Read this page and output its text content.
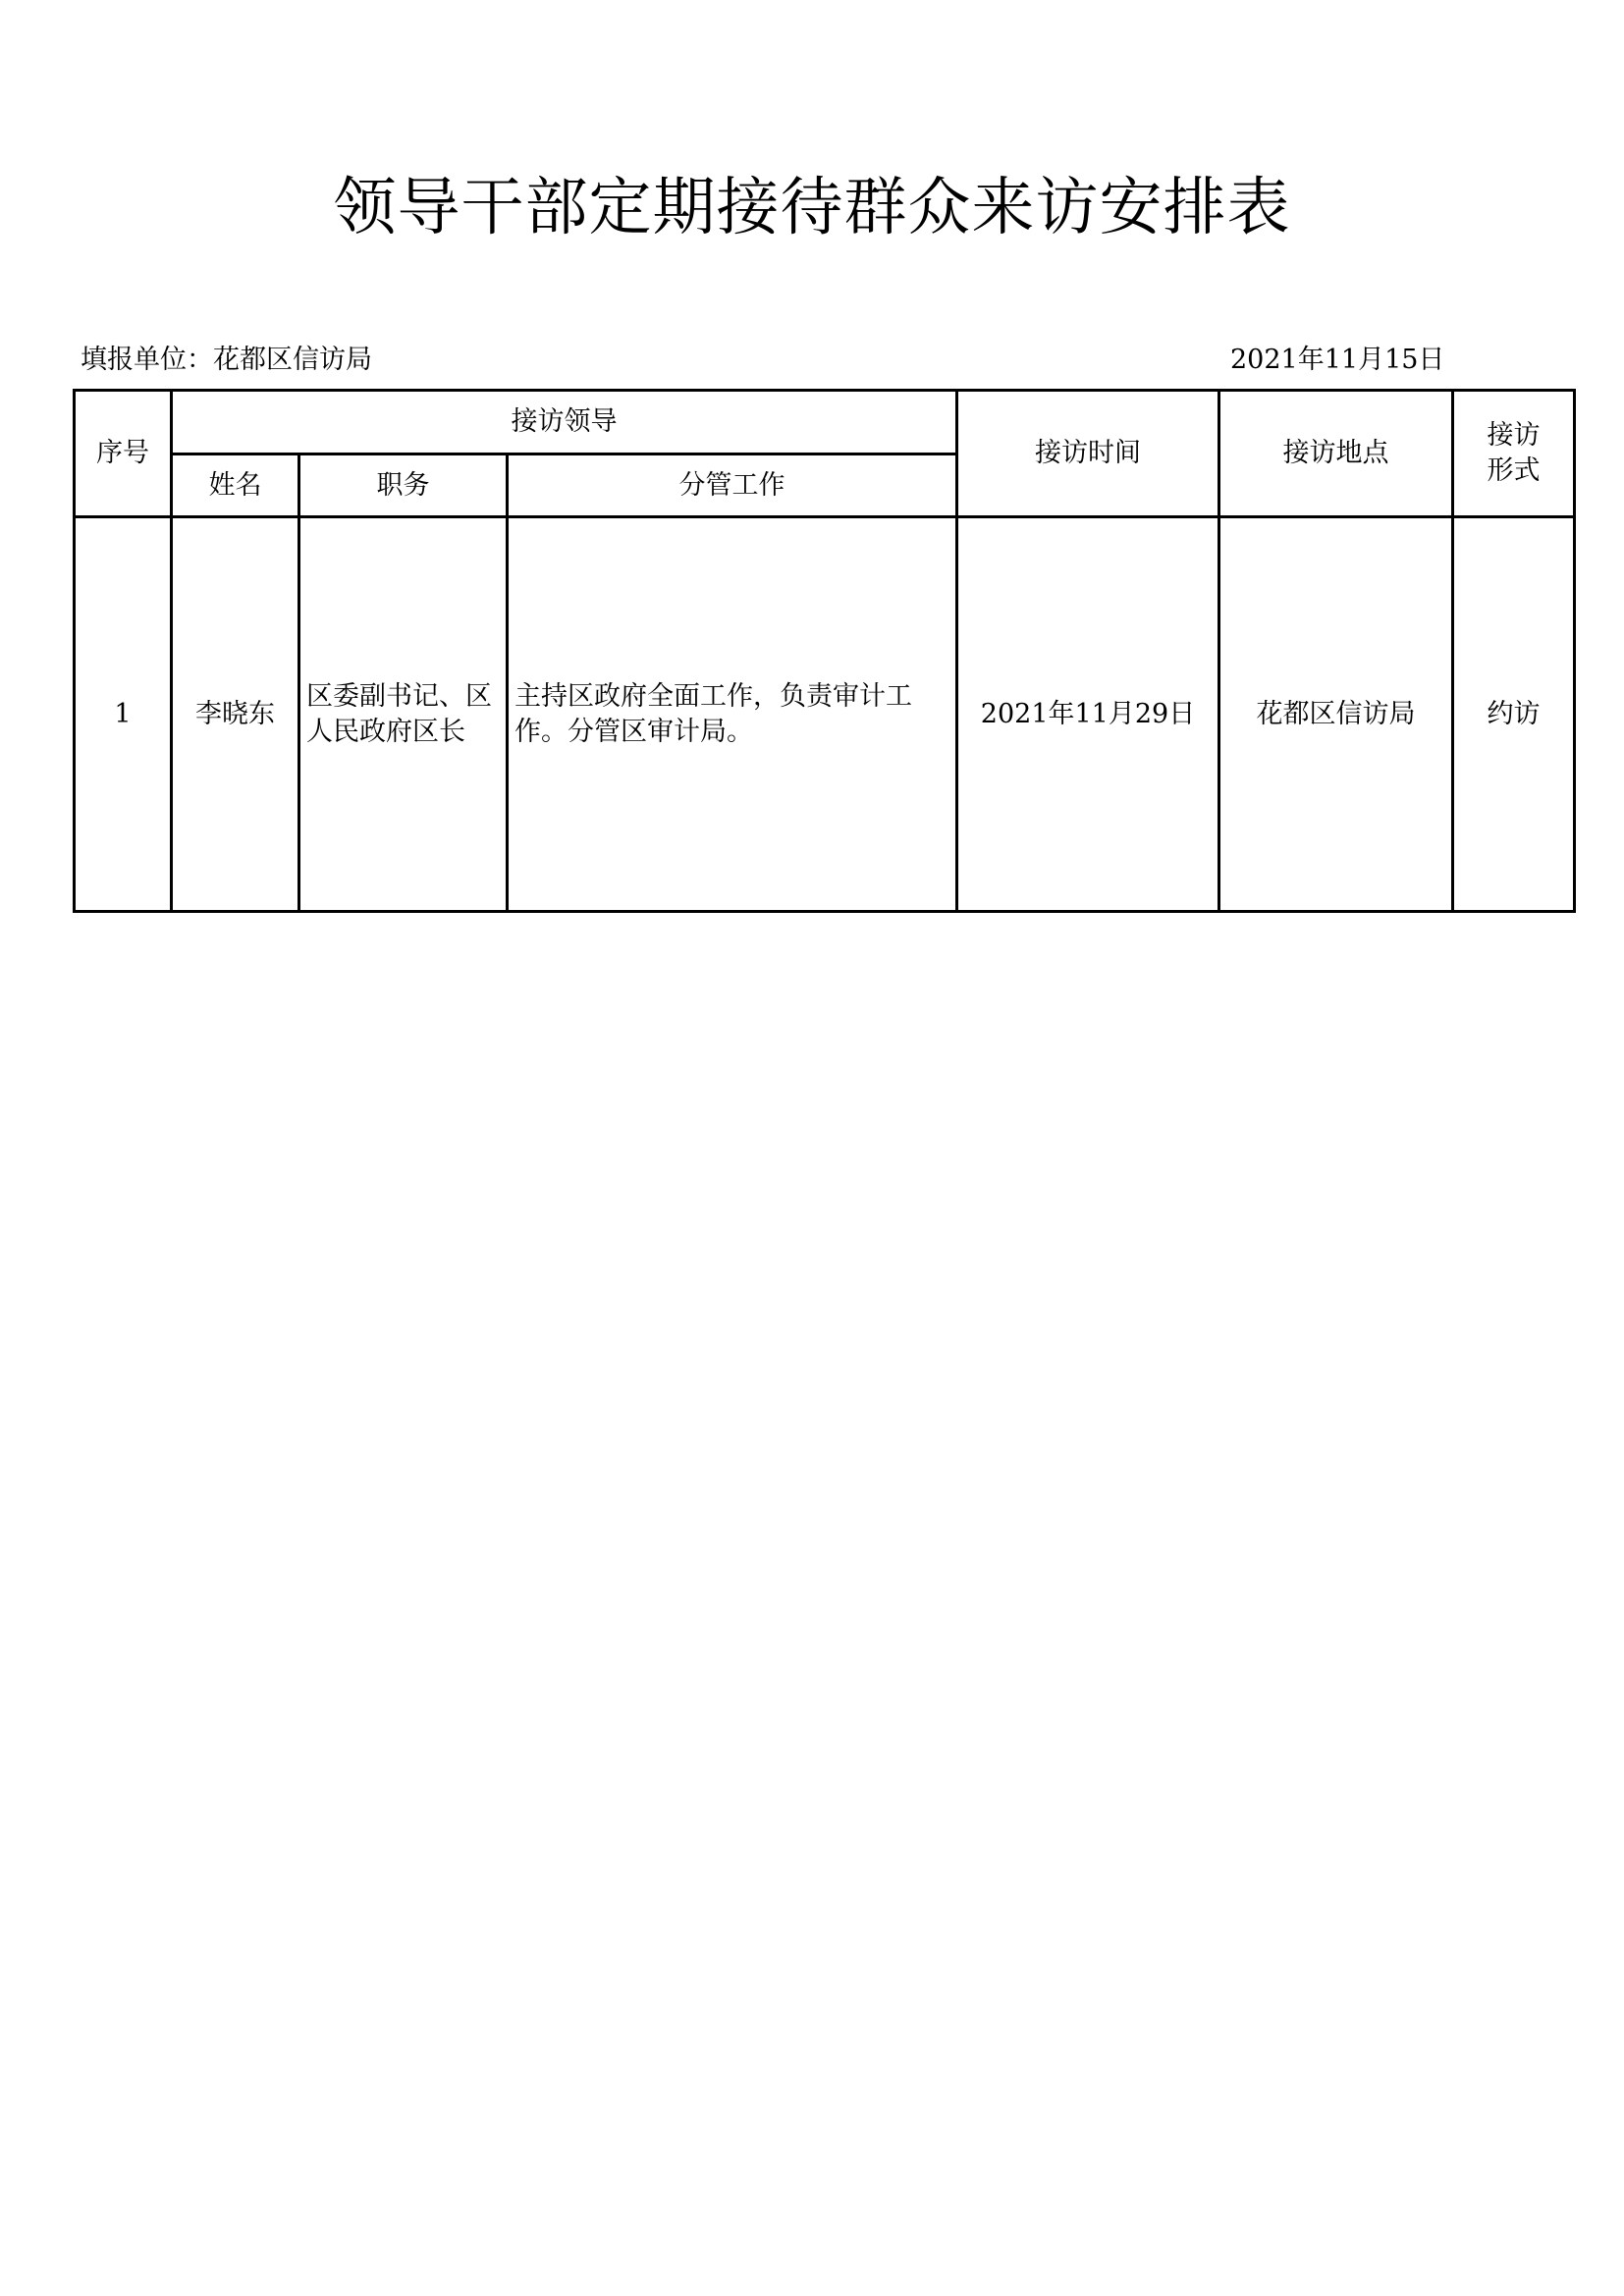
领导干部定期接待群众来访安排表
填报单位：花都区信访局	2021年11月15日
序号	接访领导			接访时间	接访地点	接访形式
	姓名	职务	分管工作			
1	李晓东	区委副书记、区人民政府区长	主持区政府全面工作，负责审计工作。分管区审计局。	2021年11月29日	花都区信访局	约访
